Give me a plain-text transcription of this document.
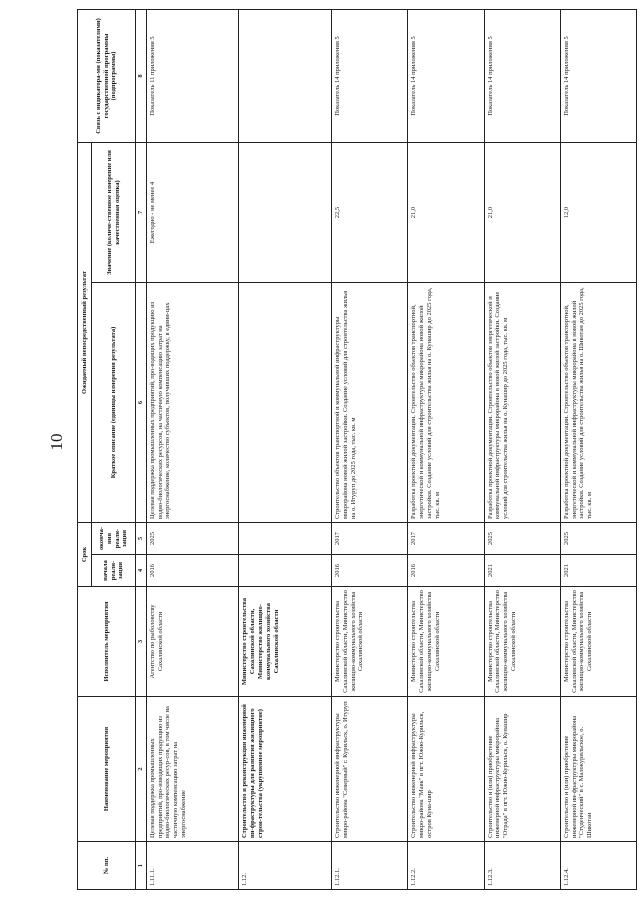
10
№ пп.	Наименование мероприятия	Исполнитель мероприятия	Срок		Ожидаемый непосредственный результат		Связь с индикатора-ми (показателями) государственной программы (подпрограммы)
			начала реали-зации	оконча-ния реали-зации	Краткое описание (единицы измерения результата)	Значение (количе-ственное измерение или качественная оценка)	
1	2	3	4	5	6	7	8
1.11.1.	Целевая поддержка промышленных предприятий, про-изводящих продукцию из водно-биологических ресур-сов, в том числе на частичную компенсацию затрат на энергоснабжение	Агентство по рыболовству Сахалинской области	2016	2025	Целевая поддержка промышленных предприятий, про-водящих продукцию из водно-биологических ресурсов, на частичную компенсацию затрат на энергоснабжение, количество субъектов, получивших поддержку, в едини-цах	Ежегодно - не менее 4	Показатель 11 приложения 5
1.12.	Строительство и реконструкция инженерной ин-фраструктуры для развития жилищного строи-тельства (укрупненное мероприятие)	Министерство строительства Сахалинской области, Министерство жилищно-коммунального хозяйства Сахалинской области					
1.12.1.	Строительство инженерной инфраструктуры микро-района "Северный" г. Курильск, о. Итуруп	Министерство строительства Сахалинской области, Министерство жилищно-коммунального хозяйства Сахалинской области	2016	2017	Строительство объектов транспортной и коммунальной инфраструктуры микрорайона новой жилой застройки. Создание условий для строительства жилья на о. Итуруп до 2025 года, тыс. кв. м	22,5	Показатель 14 приложения 5
1.12.2.	Строительство инженерной инфраструктуры микро-района "Маяк" в пгт. Южно-Курильск, остров Куна-шир	Министерство строительства Сахалинской области, Министерство жилищно-коммунального хозяйства Сахалинской области	2016	2017	Разработка проектной документации. Строительство объектов транспортной, энергетической и коммунальной инфраструктуры микрорайона новой жилой застройки. Создание условий для строительства жилья на о. Кунашир до 2025 года, тыс. кв. м	21,0	Показатель 14 приложения 5
1.12.3.	Строительство и (или) приобретение инженерной инфраструктуры микрорайона "Отрада" в пгт. Южно-Курильск, о. Кунашир	Министерство строительства Сахалинской области, Министерство жилищно-коммунального хозяйства Сахалинской области	2021	2025	Разработка проектной документации. Строительство объектов энергетической и коммунальной инфраструктуры микрорайона в новой жилой застройки. Создание условий для строительства жилья на о. Кунашир до 2025 года, тыс. кв. м	21,0	Показатель 14 приложения 5
1.12.4.	Строительство и (или) приобретение инженерной ин-фраструктуры микрорайона "Студенческий" в с. Малокурильское, о. Шикотан	Министерство строительства Сахалинской области, Министерство жилищно-коммунального хозяйства Сахалинской области	2021	2025	Разработка проектной документации. Строительство объектов транспортной, энергетической и коммунальной инфраструктуры микрорайона в новой жилой застройки. Создание условий для строительства жилья на о. Шикотан до 2025 года, тыс. кв. м	12,0	Показатель 14 приложения 5
